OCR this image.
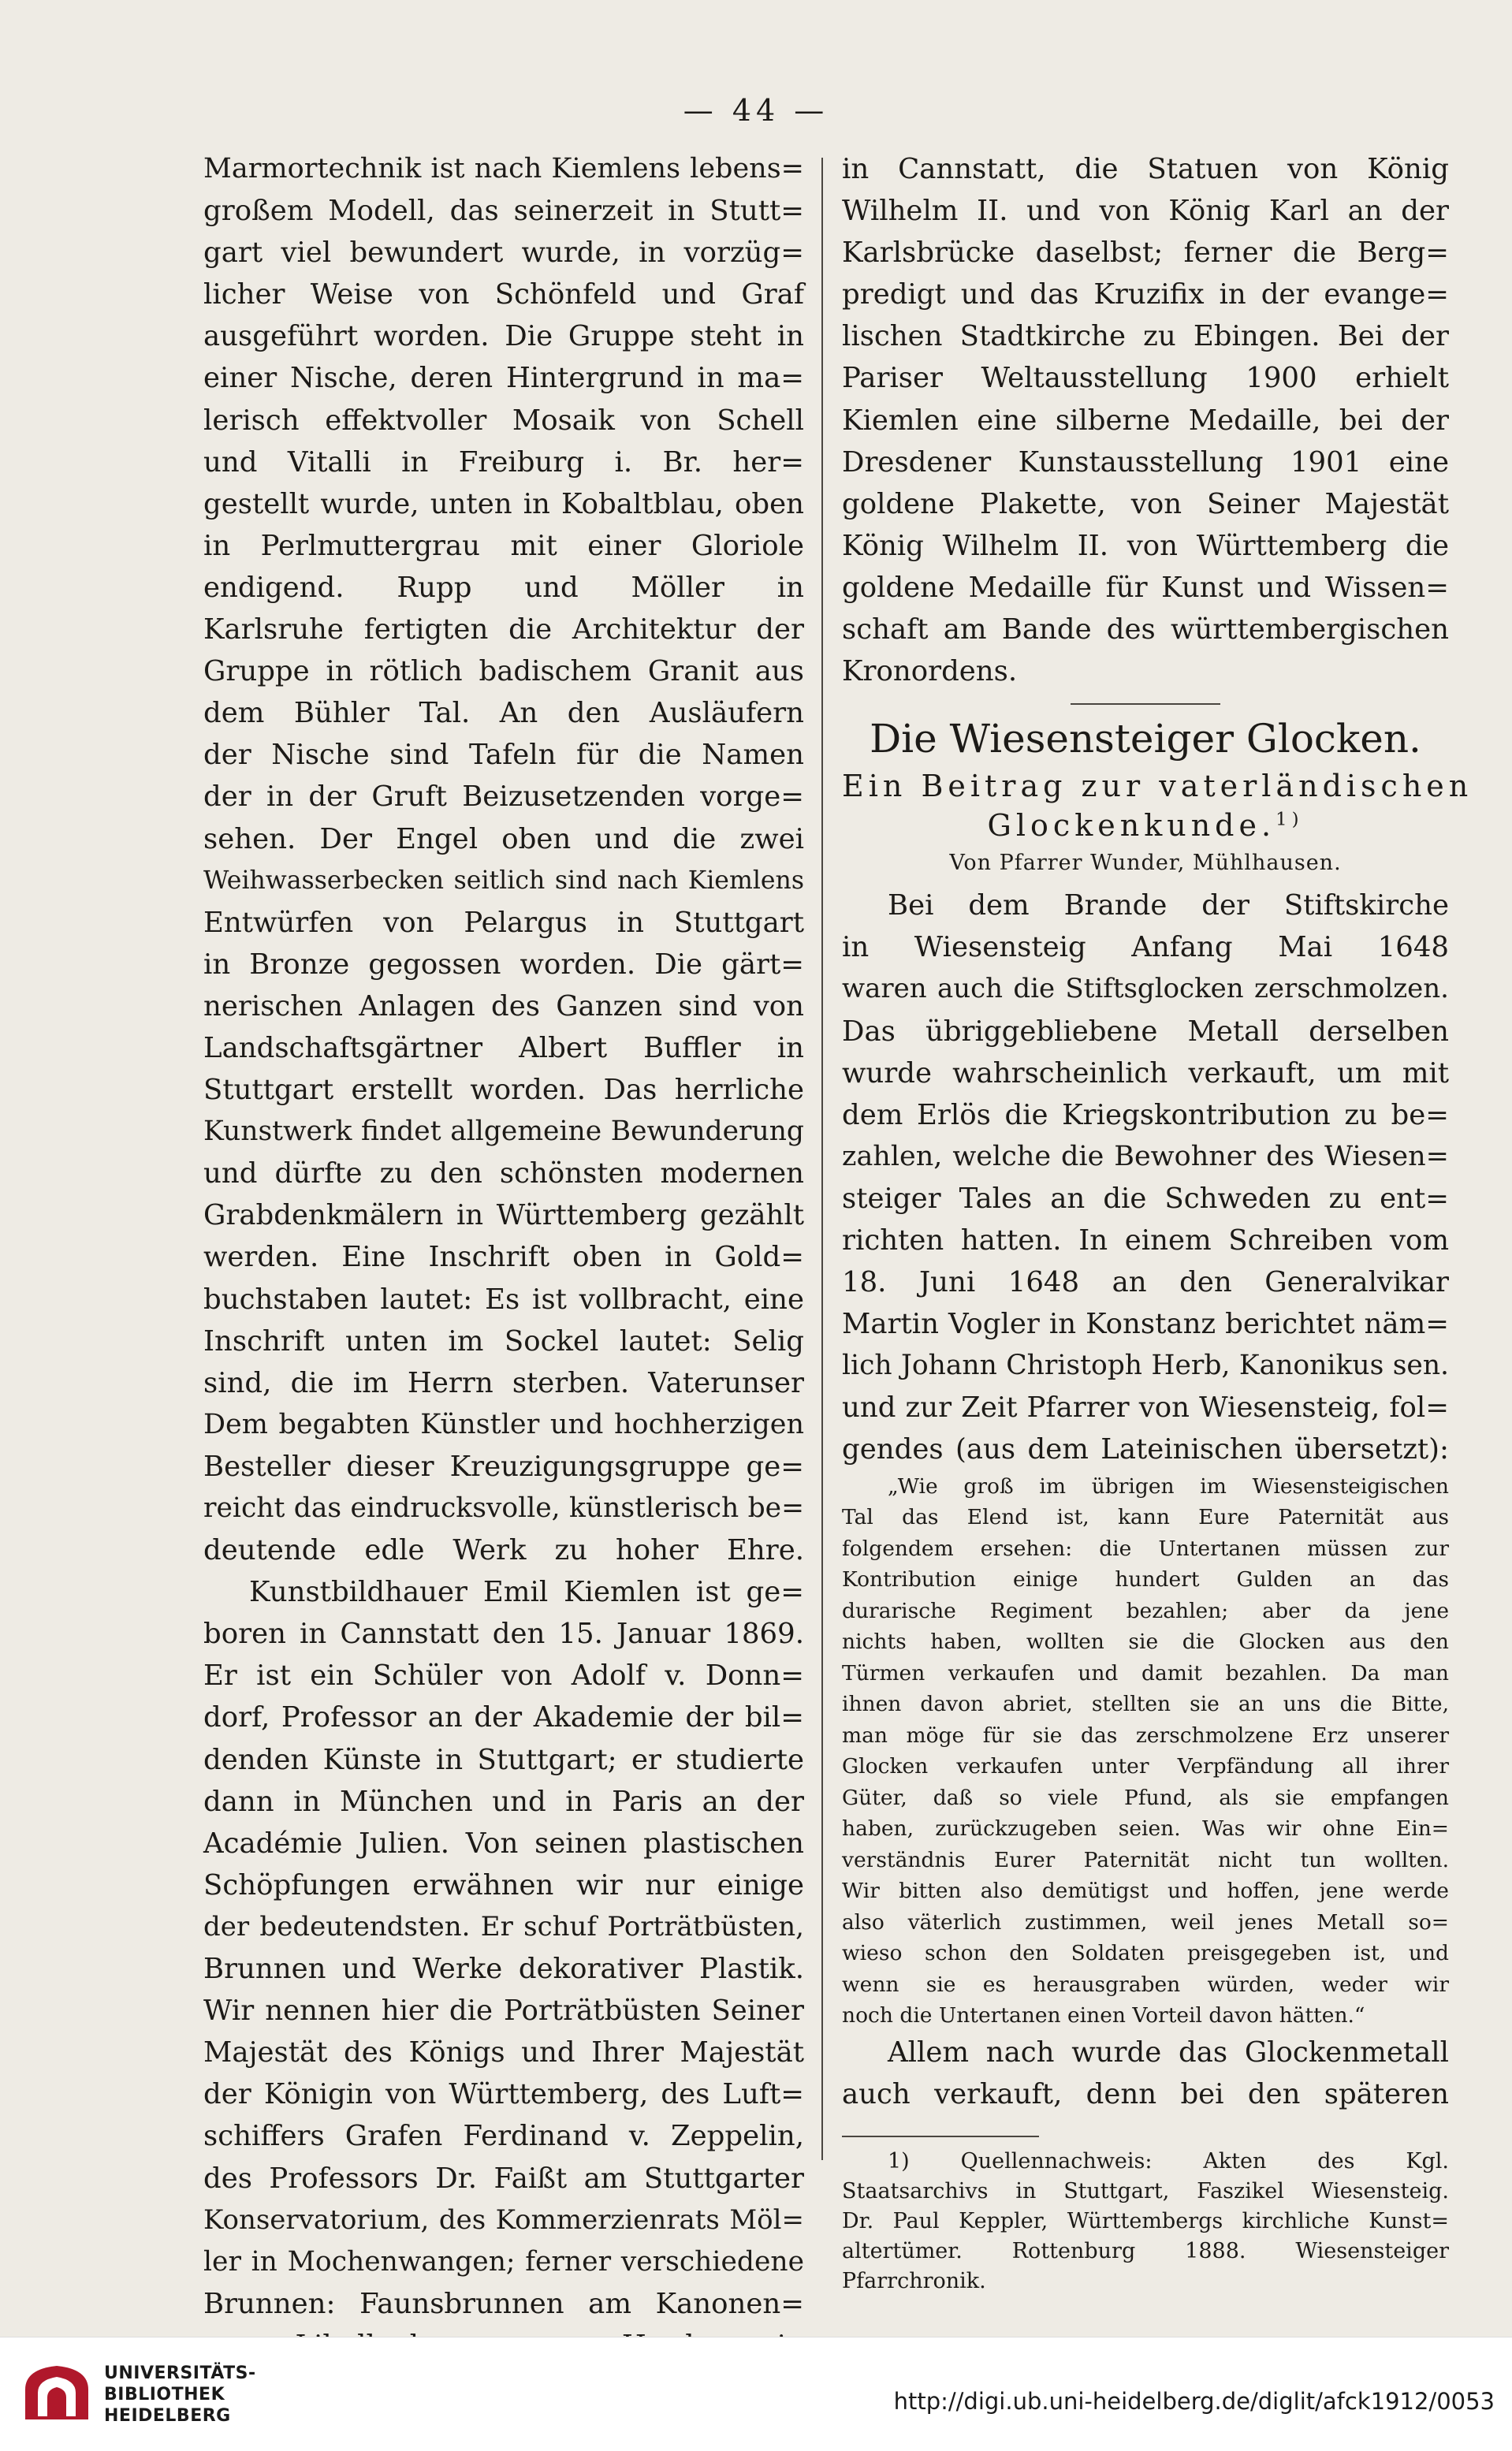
— 44 —

Marmortechnik ist nach Kiemlens lebens=

großem Modell, das seinerzeit in Stutt=

gart viel bewundert wurde, in vorzüg=

licher Weise von Schönfeld und Graf

ausgeführt worden. Die Gruppe steht in

einer Nische, deren Hintergrund in ma=

lerisch effektvoller Mosaik von Schell

und Vitalli in Freiburg i. Br. her=

gestellt wurde, unten in Kobaltblau, oben

in Perlmuttergrau mit einer Gloriole

endigend. Rupp und Möller in

Karlsruhe fertigten die Architektur der

Gruppe in rötlich badischem Granit aus

dem Bühler Tal. An den Ausläufern

der Nische sind Tafeln für die Namen

der in der Gruft Beizusetzenden vorge=

sehen. Der Engel oben und die zwei

Weihwasserbecken seitlich sind nach Kiemlens

Entwürfen von Pelargus in Stuttgart

in Bronze gegossen worden. Die gärt=

nerischen Anlagen des Ganzen sind von

Landschaftsgärtner Albert Buffler in

Stuttgart erstellt worden. Das herrliche

Kunstwerk findet allgemeine Bewunderung

und dürfte zu den schönsten modernen

Grabdenkmälern in Württemberg gezählt

werden. Eine Inschrift oben in Gold=

buchstaben lautet: Es ist vollbracht, eine

Inschrift unten im Sockel lautet: Selig

sind, die im Herrn sterben. Vaterunser

Dem begabten Künstler und hochherzigen

Besteller dieser Kreuzigungsgruppe ge=

reicht das eindrucksvolle, künstlerisch be=

deutende edle Werk zu hoher Ehre.

Kunstbildhauer Emil Kiemlen ist ge=

boren in Cannstatt den 15. Januar 1869.

Er ist ein Schüler von Adolf v. Donn=

dorf, Professor an der Akademie der bil=

denden Künste in Stuttgart; er studierte

dann in München und in Paris an der

Académie Julien. Von seinen plastischen

Schöpfungen erwähnen wir nur einige

der bedeutendsten. Er schuf Porträtbüsten,

Brunnen und Werke dekorativer Plastik.

Wir nennen hier die Porträtbüsten Seiner

Majestät des Königs und Ihrer Majestät

der Königin von Württemberg, des Luft=

schiffers Grafen Ferdinand v. Zeppelin,

des Professors Dr. Faißt am Stuttgarter

Konservatorium, des Kommerzienrats Möl=

ler in Mochenwangen; ferner verschiedene

Brunnen: Faunsbrunnen am Kanonen=

in Cannstatt, die Statuen von König

Wilhelm II. und von König Karl an der

Karlsbrücke daselbst; ferner die Berg=

predigt und das Kruzifix in der evange=

lischen Stadtkirche zu Ebingen. Bei der

Pariser Weltausstellung 1900 erhielt

Kiemlen eine silberne Medaille, bei der

Dresdener Kunstausstellung 1901 eine

goldene Plakette, von Seiner Majestät

König Wilhelm II. von Württemberg die

goldene Medaille für Kunst und Wissen=

schaft am Bande des württembergischen

Kronordens.

Die Wiesensteiger Glocken.
Ein Beitrag zur vaterländischen
Glockenkunde.$^{1)}$
Von Pfarrer Wunder, Mühlhausen.

Bei dem Brande der Stiftskirche

in Wiesensteig Anfang Mai 1648

waren auch die Stiftsglocken zerschmolzen.

Das übriggebliebene Metall derselben

wurde wahrscheinlich verkauft, um mit

dem Erlös die Kriegskontribution zu be=

zahlen, welche die Bewohner des Wiesen=

steiger Tales an die Schweden zu ent=

richten hatten. In einem Schreiben vom

18. Juni 1648 an den Generalvikar

Martin Vogler in Konstanz berichtet näm=

lich Johann Christoph Herb, Kanonikus sen.

und zur Zeit Pfarrer von Wiesensteig, fol=

gendes (aus dem Lateinischen übersetzt):

„Wie groß im übrigen im Wiesensteigischen

Tal das Elend ist, kann Eure Paternität aus

folgendem ersehen: die Untertanen müssen zur

Kontribution einige hundert Gulden an das

durarische Regiment bezahlen; aber da jene

nichts haben, wollten sie die Glocken aus den

Türmen verkaufen und damit bezahlen. Da man

ihnen davon abriet, stellten sie an uns die Bitte,

man möge für sie das zerschmolzene Erz unserer

Glocken verkaufen unter Verpfändung all ihrer

Güter, daß so viele Pfund, als sie empfangen

haben, zurückzugeben seien. Was wir ohne Ein=

verständnis Eurer Paternität nicht tun wollten.

Wir bitten also demütigst und hoffen, jene werde

also väterlich zustimmen, weil jenes Metall so=

wieso schon den Soldaten preisgegeben ist, und

wenn sie es herausgraben würden, weder wir

noch die Untertanen einen Vorteil davon hätten.“

Allem nach wurde das Glockenmetall

auch verkauft, denn bei den späteren

1) Quellennachweis: Akten des Kgl.

Staatsarchivs in Stuttgart, Faszikel Wiesensteig.

Dr. Paul Keppler, Württembergs kirchliche Kunst=

altertümer. Rottenburg 1888. Wiesensteiger

Pfarrchronik.

UNIVERSITÄTS-
BIBLIOTHEK
HEIDELBERG
http://digi.ub.uni-heidelberg.de/diglit/afck1912/0053
